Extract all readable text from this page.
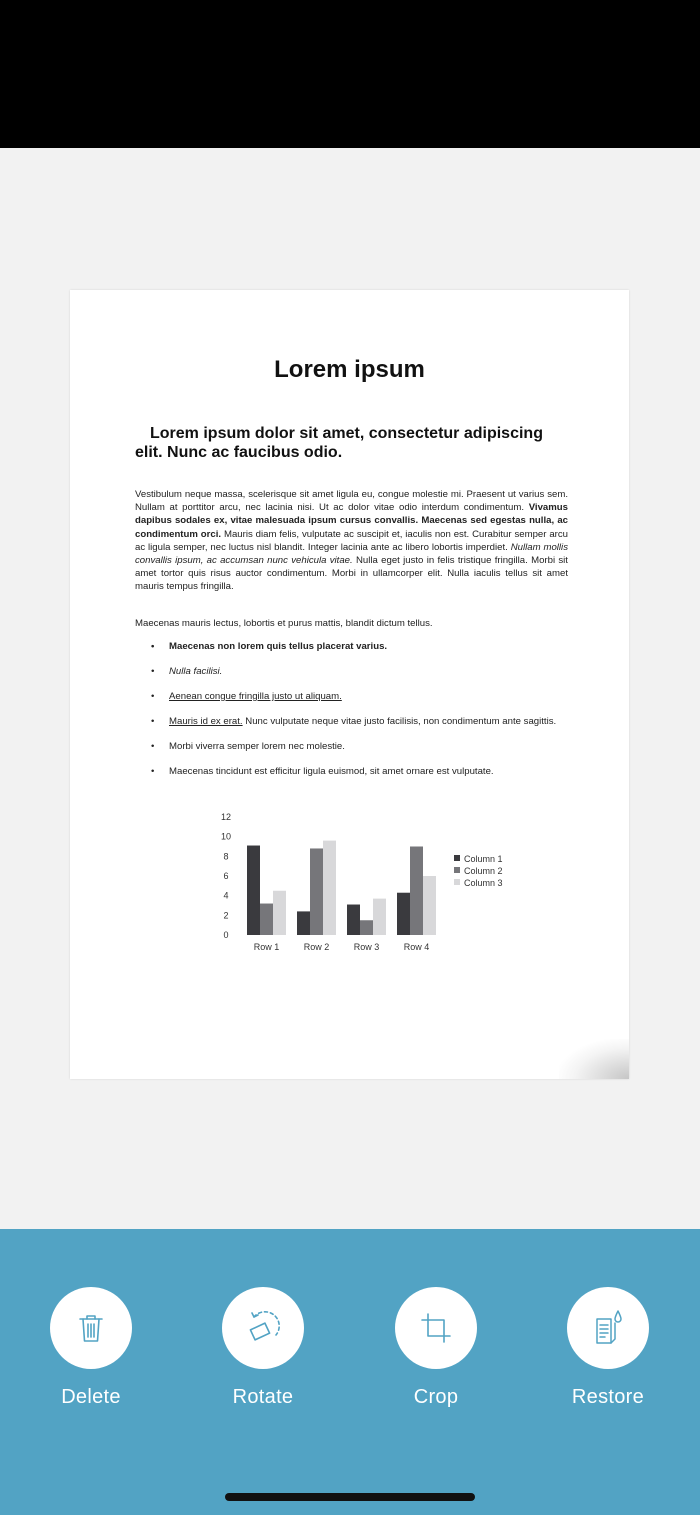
Lorem ipsum
Lorem ipsum dolor sit amet, consectetur adipiscing elit. Nunc ac faucibus odio.
Vestibulum neque massa, scelerisque sit amet ligula eu, congue molestie mi. Praesent ut varius sem. Nullam at porttitor arcu, nec lacinia nisi. Ut ac dolor vitae odio interdum condimentum. Vivamus dapibus sodales ex, vitae malesuada ipsum cursus convallis. Maecenas sed egestas nulla, ac condimentum orci. Mauris diam felis, vulputate ac suscipit et, iaculis non est. Curabitur semper arcu ac ligula semper, nec luctus nisl blandit. Integer lacinia ante ac libero lobortis imperdiet. Nullam mollis convallis ipsum, ac accumsan nunc vehicula vitae. Nulla eget justo in felis tristique fringilla. Morbi sit amet tortor quis risus auctor condimentum. Morbi in ullamcorper elit. Nulla iaculis tellus sit amet mauris tempus fringilla.
Maecenas mauris lectus, lobortis et purus mattis, blandit dictum tellus.
• Maecenas non lorem quis tellus placerat varius.
• Nulla facilisi.
• Aenean congue fringilla justo ut aliquam.
• Mauris id ex erat. Nunc vulputate neque vitae justo facilisis, non condimentum ante sagittis.
• Morbi viverra semper lorem nec molestie.
• Maecenas tincidunt est efficitur ligula euismod, sit amet ornare est vulputate.
0
2
4
6
8
10
12
Row 1	Row 2	Row 3	Row 4
Column 1
Column 2
Column 3
Delete	Rotate	Crop	Restore
